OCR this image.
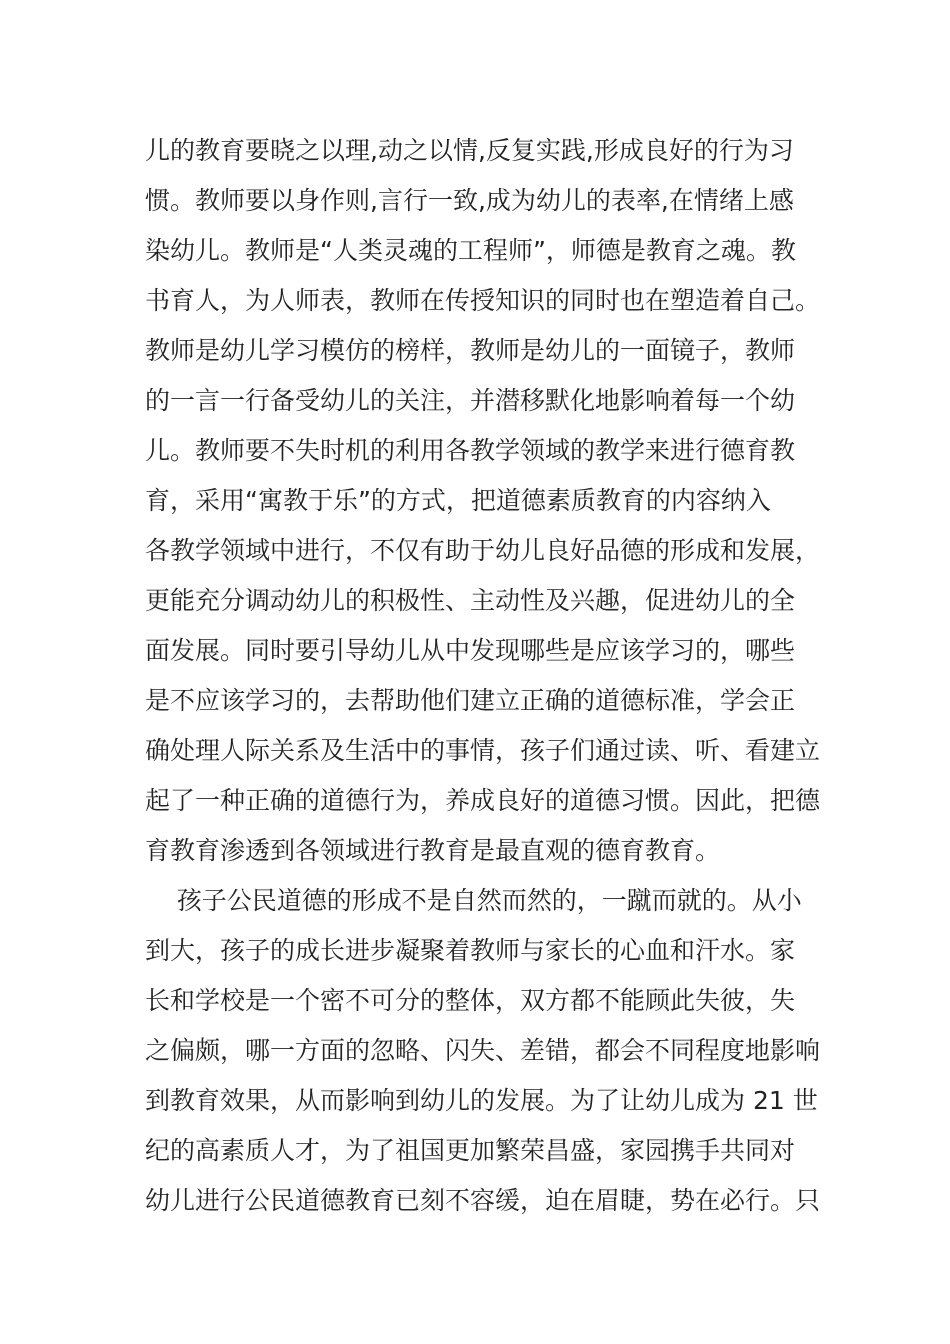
儿的教育要晓之以理,动之以情,反复实践,形成良好的行为习
惯。教师要以身作则,言行一致,成为幼儿的表率,在情绪上感
染幼儿。教师是“人类灵魂的工程师”，师德是教育之魂。教
书育人，为人师表，教师在传授知识的同时也在塑造着自己。
教师是幼儿学习模仿的榜样，教师是幼儿的一面镜子，教师
的一言一行备受幼儿的关注，并潜移默化地影响着每一个幼
儿。教师要不失时机的利用各教学领域的教学来进行德育教
育，采用“寓教于乐”的方式，把道德素质教育的内容纳入
各教学领域中进行，不仅有助于幼儿良好品德的形成和发展，
更能充分调动幼儿的积极性、主动性及兴趣，促进幼儿的全
面发展。同时要引导幼儿从中发现哪些是应该学习的，哪些
是不应该学习的，去帮助他们建立正确的道德标准，学会正
确处理人际关系及生活中的事情，孩子们通过读、听、看建立
起了一种正确的道德行为，养成良好的道德习惯。因此，把德
育教育渗透到各领域进行教育是最直观的德育教育。
孩子公民道德的形成不是自然而然的，一蹴而就的。从小
到大，孩子的成长进步凝聚着教师与家长的心血和汗水。家
长和学校是一个密不可分的整体，双方都不能顾此失彼，失
之偏颇，哪一方面的忽略、闪失、差错，都会不同程度地影响
到教育效果，从而影响到幼儿的发展。为了让幼儿成为 21 世
纪的高素质人才，为了祖国更加繁荣昌盛，家园携手共同对
幼儿进行公民道德教育已刻不容缓，迫在眉睫，势在必行。只
